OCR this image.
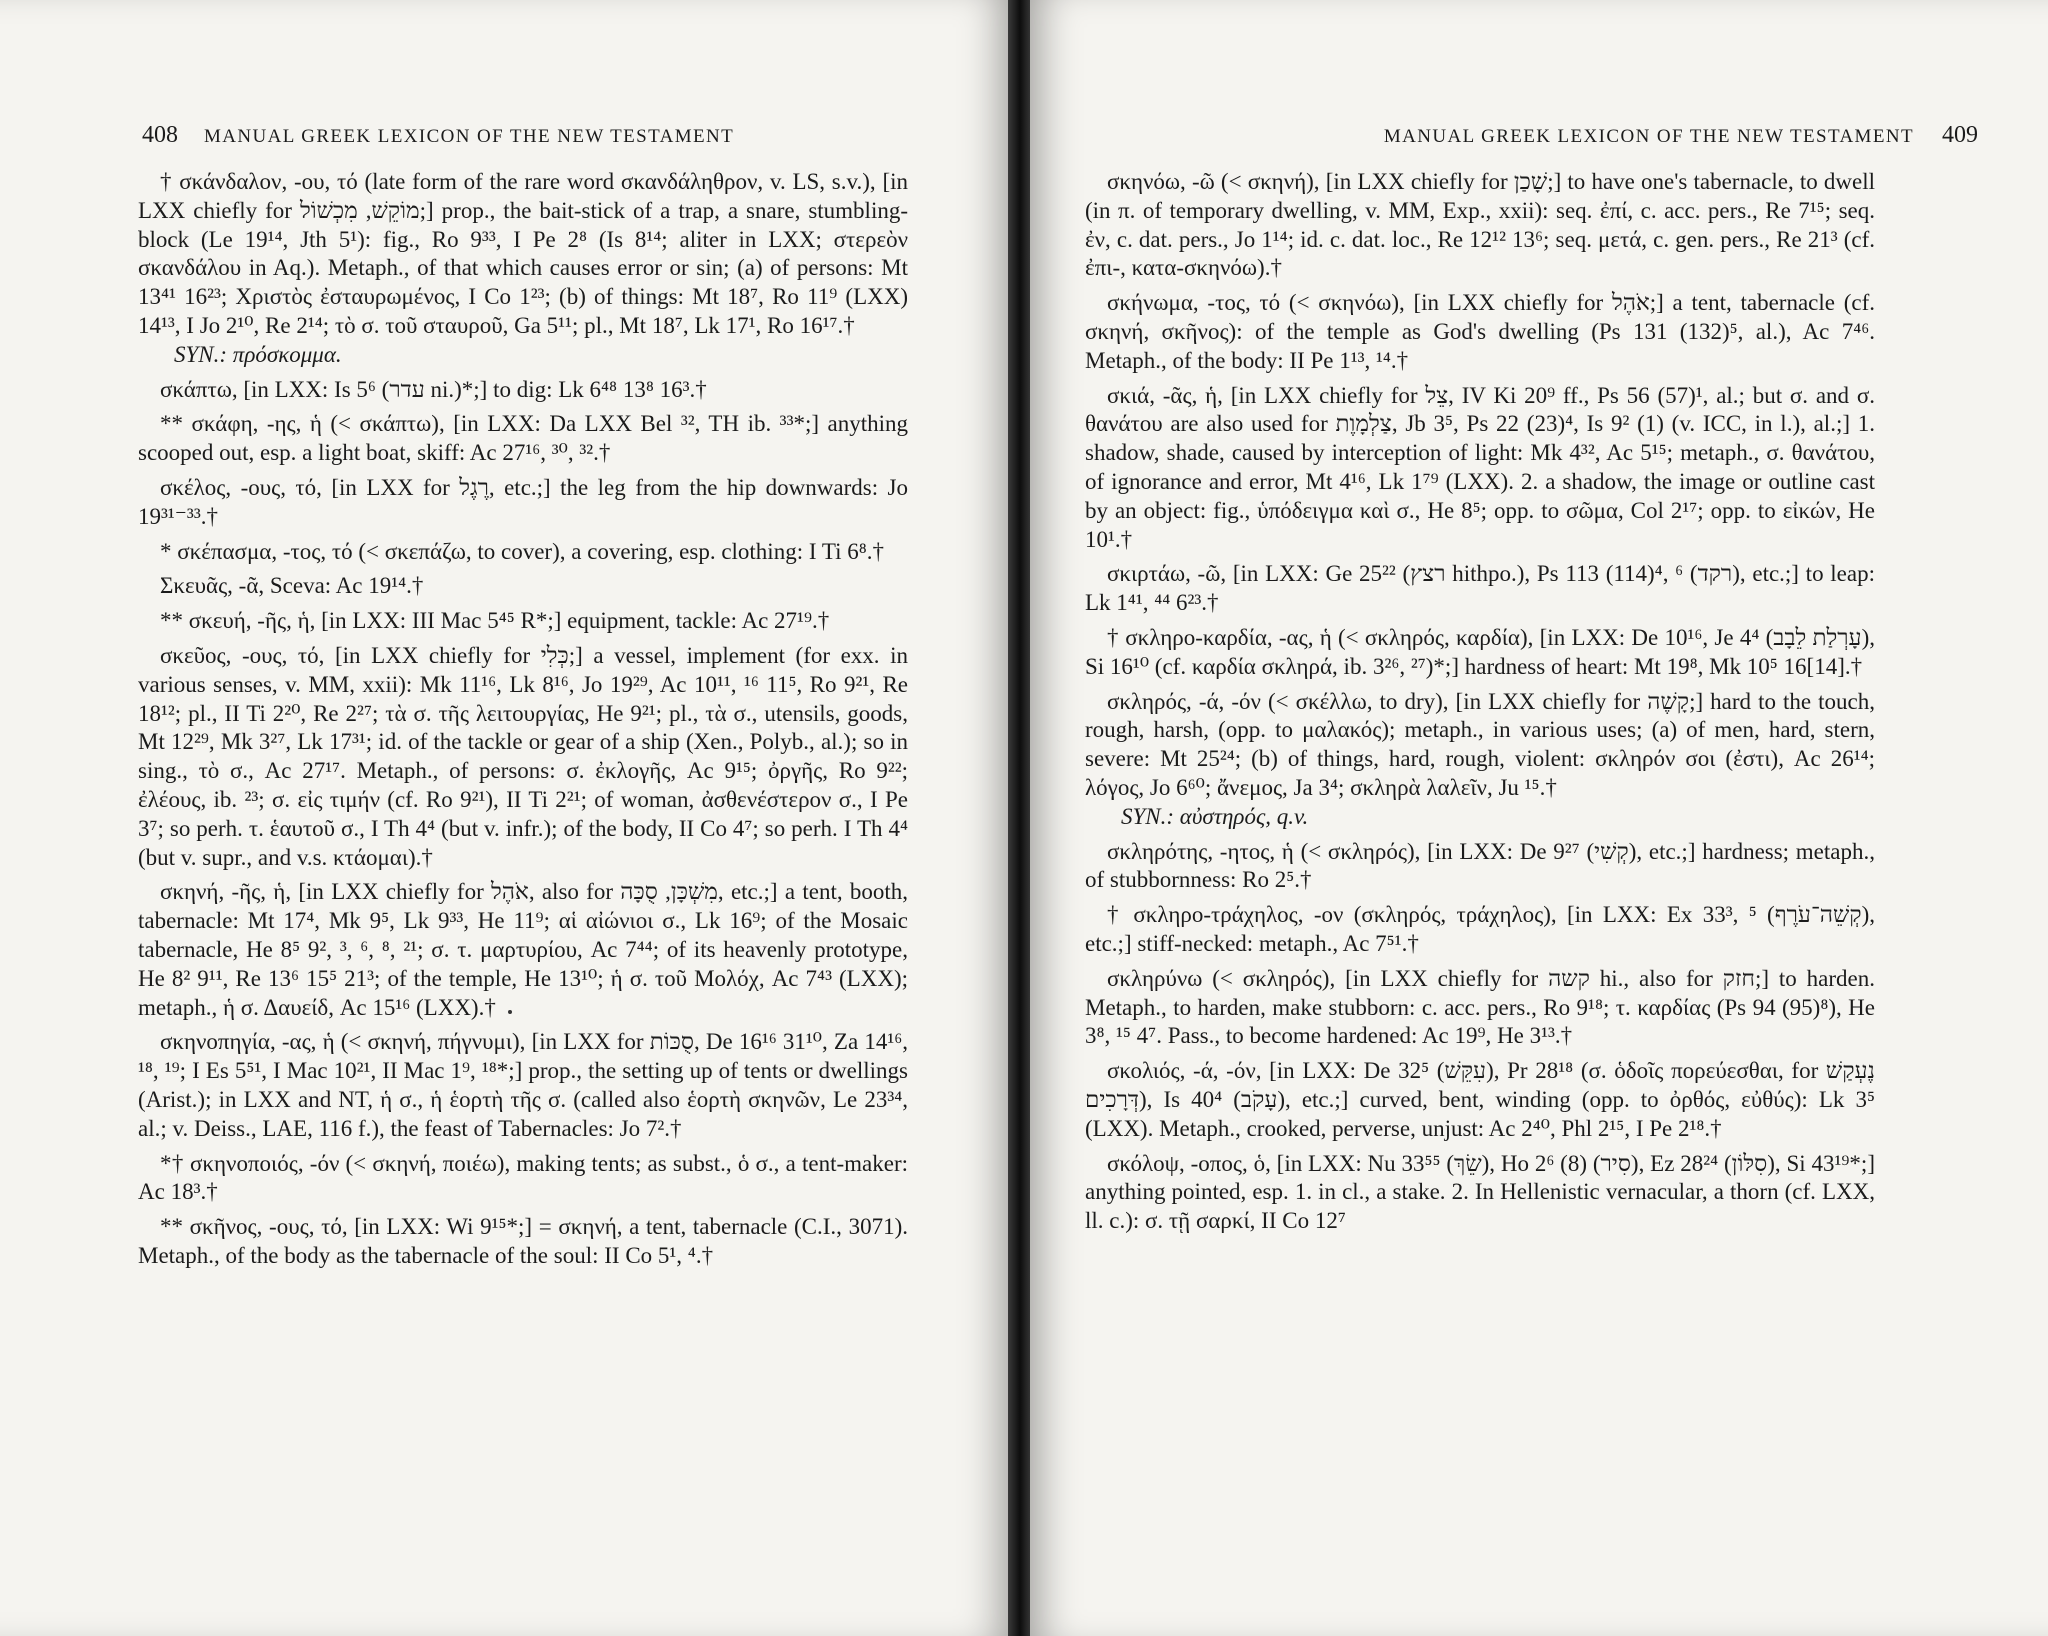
408 MANUAL GREEK LEXICON OF THE NEW TESTAMENT

† σκάνδαλον, -ου, τό (late form of the rare word σκανδάληθρον, v. LS, s.v.), [in LXX chiefly for מוֹקֵשׁ, מִכְשׁוֹל;] prop., the bait-stick of a trap, a snare, stumbling-block (Le 19¹⁴, Jth 5¹): fig., Ro 9³³, I Pe 2⁸ (Is 8¹⁴; aliter in LXX; στερεὸν σκανδάλου in Aq.). Metaph., of that which causes error or sin; (a) of persons: Mt 13⁴¹ 16²³; Χριστὸς ἐσταυρωμένος, I Co 1²³; (b) of things: Mt 18⁷, Ro 11⁹ (LXX) 14¹³, I Jo 2¹⁰, Re 2¹⁴; τὸ σ. τοῦ σταυροῦ, Ga 5¹¹; pl., Mt 18⁷, Lk 17¹, Ro 16¹⁷.†
SYN.: πρόσκομμα.

σκάπτω, [in LXX: Is 5⁶ (עדר ni.)*;] to dig: Lk 6⁴⁸ 13⁸ 16³.†

** σκάφη, -ης, ἡ (< σκάπτω), [in LXX: Da LXX Bel ³², TH ib. ³³*;] anything scooped out, esp. a light boat, skiff: Ac 27¹⁶, ³⁰, ³².†

σκέλος, -ους, τό, [in LXX for רֶגֶל, etc.;] the leg from the hip downwards: Jo 19³¹⁻³³.†

* σκέπασμα, -τος, τό (< σκεπάζω, to cover), a covering, esp. clothing: I Ti 6⁸.†

Σκευᾶς, -ᾶ, Sceva: Ac 19¹⁴.†

** σκευή, -ῆς, ἡ, [in LXX: III Mac 5⁴⁵ R*;] equipment, tackle: Ac 27¹⁹.†

σκεῦος, -ους, τό, [in LXX chiefly for כְּלִי;] a vessel, implement (for exx. in various senses, v. MM, xxii): Mk 11¹⁶, Lk 8¹⁶, Jo 19²⁹, Ac 10¹¹, ¹⁶ 11⁵, Ro 9²¹, Re 18¹²; pl., II Ti 2²⁰, Re 2²⁷; τὰ σ. τῆς λειτουργίας, He 9²¹; pl., τὰ σ., utensils, goods, Mt 12²⁹, Mk 3²⁷, Lk 17³¹; id. of the tackle or gear of a ship (Xen., Polyb., al.); so in sing., τὸ σ., Ac 27¹⁷. Metaph., of persons: σ. ἐκλογῆς, Ac 9¹⁵; ὀργῆς, Ro 9²²; ἐλέους, ib. ²³; σ. εἰς τιμήν (cf. Ro 9²¹), II Ti 2²¹; of woman, ἀσθενέστερον σ., I Pe 3⁷; so perh. τ. ἑαυτοῦ σ., I Th 4⁴ (but v. infr.); of the body, II Co 4⁷; so perh. I Th 4⁴ (but v. supr., and v.s. κτάομαι).†

σκηνή, -ῆς, ἡ, [in LXX chiefly for אֹהֶל, also for מִשְׁכָּן, סֻכָּה, etc.;] a tent, booth, tabernacle: Mt 17⁴, Mk 9⁵, Lk 9³³, He 11⁹; αἱ αἰώνιοι σ., Lk 16⁹; of the Mosaic tabernacle, He 8⁵ 9², ³, ⁶, ⁸, ²¹; σ. τ. μαρτυρίου, Ac 7⁴⁴; of its heavenly prototype, He 8² 9¹¹, Re 13⁶ 15⁵ 21³; of the temple, He 13¹⁰; ἡ σ. τοῦ Μολόχ, Ac 7⁴³ (LXX); metaph., ἡ σ. Δαυείδ, Ac 15¹⁶ (LXX).†

σκηνοπηγία, -ας, ἡ (< σκηνή, πήγνυμι), [in LXX for סֻכּוֹת, De 16¹⁶ 31¹⁰, Za 14¹⁶, ¹⁸, ¹⁹; I Es 5⁵¹, I Mac 10²¹, II Mac 1⁹, ¹⁸*;] prop., the setting up of tents or dwellings (Arist.); in LXX and NT, ἡ σ., ἡ ἑορτὴ τῆς σ. (called also ἑορτὴ σκηνῶν, Le 23³⁴, al.; v. Deiss., LAE, 116 f.), the feast of Tabernacles: Jo 7².†

*† σκηνοποιός, -όν (< σκηνή, ποιέω), making tents; as subst., ὁ σ., a tent-maker: Ac 18³.†

** σκῆνος, -ους, τό, [in LXX: Wi 9¹⁵*;] = σκηνή, a tent, tabernacle (C.I., 3071). Metaph., of the body as the tabernacle of the soul: II Co 5¹, ⁴.†

MANUAL GREEK LEXICON OF THE NEW TESTAMENT 409

σκηνόω, -ῶ (< σκηνή), [in LXX chiefly for שָׁכַן;] to have one's tabernacle, to dwell (in π. of temporary dwelling, v. MM, Exp., xxii): seq. ἐπί, c. acc. pers., Re 7¹⁵; seq. ἐν, c. dat. pers., Jo 1¹⁴; id. c. dat. loc., Re 12¹² 13⁶; seq. μετά, c. gen. pers., Re 21³ (cf. ἐπι-, κατα-σκηνόω).†

σκήνωμα, -τος, τό (< σκηνόω), [in LXX chiefly for אֹהֶל;] a tent, tabernacle (cf. σκηνή, σκῆνος): of the temple as God's dwelling (Ps 131 (132)⁵, al.), Ac 7⁴⁶. Metaph., of the body: II Pe 1¹³, ¹⁴.†

σκιά, -ᾶς, ἡ, [in LXX chiefly for צֵל, IV Ki 20⁹ ff., Ps 56 (57)¹, al.; but σ. and σ. θανάτου are also used for צַלְמָוֶת, Jb 3⁵, Ps 22 (23)⁴, Is 9² (1) (v. ICC, in l.), al.;] 1. shadow, shade, caused by interception of light: Mk 4³², Ac 5¹⁵; metaph., σ. θανάτου, of ignorance and error, Mt 4¹⁶, Lk 1⁷⁹ (LXX). 2. a shadow, the image or outline cast by an object: fig., ὑπόδειγμα καὶ σ., He 8⁵; opp. to σῶμα, Col 2¹⁷; opp. to εἰκών, He 10¹.†

σκιρτάω, -ῶ, [in LXX: Ge 25²² (רצץ hithpo.), Ps 113 (114)⁴, ⁶ (רקד), etc.;] to leap: Lk 1⁴¹, ⁴⁴ 6²³.†

† σκληρο-καρδία, -ας, ἡ (< σκληρός, καρδία), [in LXX: De 10¹⁶, Je 4⁴ (עָרְלַת לֵבָב), Si 16¹⁰ (cf. καρδία σκληρά, ib. 3²⁶, ²⁷)*;] hardness of heart: Mt 19⁸, Mk 10⁵ 16[14].†

σκληρός, -ά, -όν (< σκέλλω, to dry), [in LXX chiefly for קָשֶׁה;] hard to the touch, rough, harsh, (opp. to μαλακός); metaph., in various uses; (a) of men, hard, stern, severe: Mt 25²⁴; (b) of things, hard, rough, violent: σκληρόν σοι (ἐστι), Ac 26¹⁴; λόγος, Jo 6⁶⁰; ἄνεμος, Ja 3⁴; σκληρὰ λαλεῖν, Ju ¹⁵.†
SYN.: αὐστηρός, q.v.

σκληρότης, -ητος, ἡ (< σκληρός), [in LXX: De 9²⁷ (קְשִׁי), etc.;] hardness; metaph., of stubbornness: Ro 2⁵.†

† σκληρο-τράχηλος, -ον (σκληρός, τράχηλος), [in LXX: Ex 33³, ⁵ (קְשֵׁה־עֹרֶף), etc.;] stiff-necked: metaph., Ac 7⁵¹.†

σκληρύνω (< σκληρός), [in LXX chiefly for קשה hi., also for חזק;] to harden. Metaph., to harden, make stubborn: c. acc. pers., Ro 9¹⁸; τ. καρδίας (Ps 94 (95)⁸), He 3⁸, ¹⁵ 4⁷. Pass., to become hardened: Ac 19⁹, He 3¹³.†

σκολιός, -ά, -όν, [in LXX: De 32⁵ (עִקֵּשׁ), Pr 28¹⁸ (σ. ὁδοῖς πορεύεσθαι, for נֶעְקַשׁ דְּרָכִים), Is 40⁴ (עָקֹב), etc.;] curved, bent, winding (opp. to ὀρθός, εὐθύς): Lk 3⁵ (LXX). Metaph., crooked, perverse, unjust: Ac 2⁴⁰, Phl 2¹⁵, I Pe 2¹⁸.†

σκόλοψ, -οπος, ὁ, [in LXX: Nu 33⁵⁵ (שֵׂךְ), Ho 2⁶ (8) (סִיר), Ez 28²⁴ (סִלּוֹן), Si 43¹⁹*;] anything pointed, esp. 1. in cl., a stake. 2. In Hellenistic vernacular, a thorn (cf. LXX, ll. c.): σ. τῇ σαρκί, II Co 12⁷
